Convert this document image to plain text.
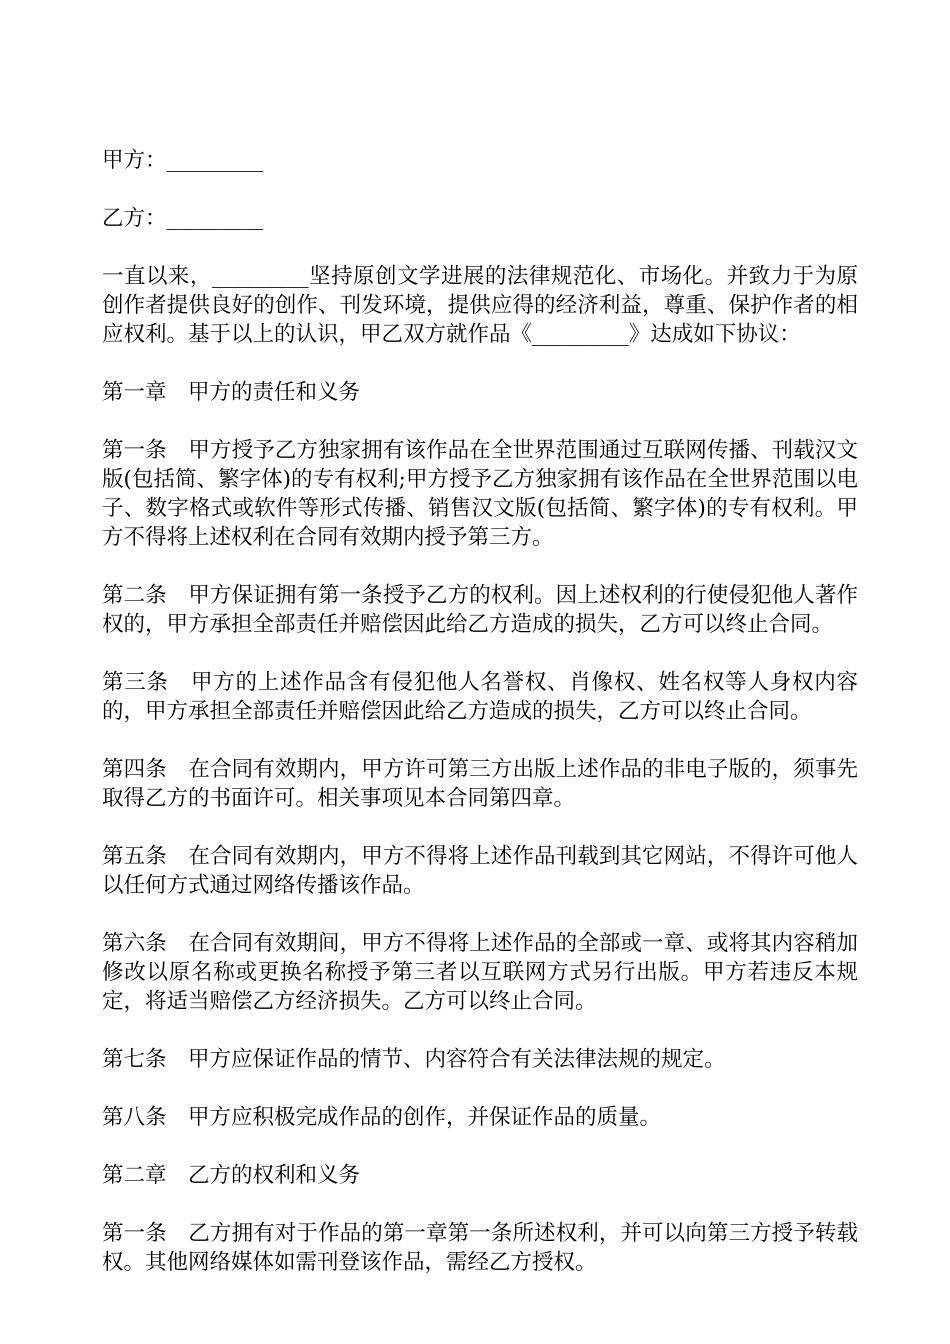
甲方：_________

乙方：_________

一直以来，_________坚持原创文学进展的法律规范化、市场化。并致力于为原创作者提供良好的创作、刊发环境，提供应得的经济利益，尊重、保护作者的相应权利。基于以上的认识，甲乙双方就作品《_________》达成如下协议：

第一章 甲方的责任和义务

第一条 甲方授予乙方独家拥有该作品在全世界范围通过互联网传播、刊载汉文版(包括简、繁字体)的专有权利;甲方授予乙方独家拥有该作品在全世界范围以电子、数字格式或软件等形式传播、销售汉文版(包括简、繁字体)的专有权利。甲方不得将上述权利在合同有效期内授予第三方。

第二条 甲方保证拥有第一条授予乙方的权利。因上述权利的行使侵犯他人著作权的，甲方承担全部责任并赔偿因此给乙方造成的损失，乙方可以终止合同。

第三条 甲方的上述作品含有侵犯他人名誉权、肖像权、姓名权等人身权内容的，甲方承担全部责任并赔偿因此给乙方造成的损失，乙方可以终止合同。

第四条 在合同有效期内，甲方许可第三方出版上述作品的非电子版的，须事先取得乙方的书面许可。相关事项见本合同第四章。

第五条 在合同有效期内，甲方不得将上述作品刊载到其它网站，不得许可他人以任何方式通过网络传播该作品。

第六条 在合同有效期间，甲方不得将上述作品的全部或一章、或将其内容稍加修改以原名称或更换名称授予第三者以互联网方式另行出版。甲方若违反本规定，将适当赔偿乙方经济损失。乙方可以终止合同。

第七条 甲方应保证作品的情节、内容符合有关法律法规的规定。

第八条 甲方应积极完成作品的创作，并保证作品的质量。

第二章 乙方的权利和义务

第一条 乙方拥有对于作品的第一章第一条所述权利，并可以向第三方授予转载权。其他网络媒体如需刊登该作品，需经乙方授权。
